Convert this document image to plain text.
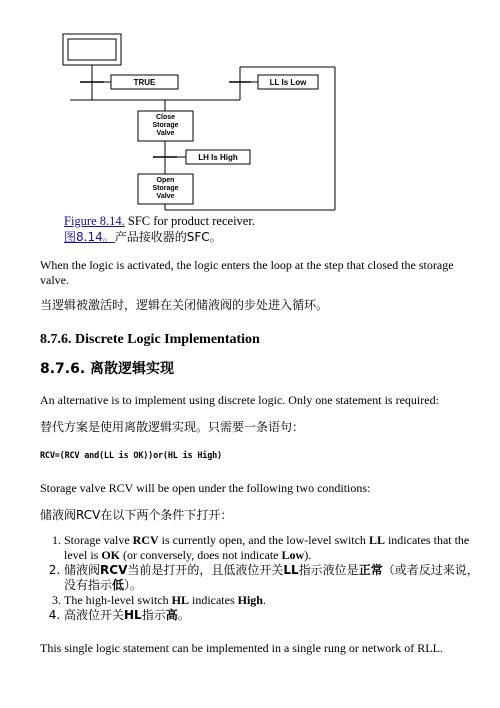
TRUE
Close
Storage
Valve
LH Is High
Open
Storage
Valve
LL Is Low
Figure 8.14. SFC for product receiver.
图8.14。产品接收器的SFC。
When the logic is activated, the logic enters the loop at the step that closed the storage valve.
当逻辑被激活时，逻辑在关闭储液阀的步处进入循环。
8.7.6. Discrete Logic Implementation
8.7.6. 离散逻辑实现
An alternative is to implement using discrete logic. Only one statement is required:
替代方案是使用离散逻辑实现。只需要一条语句：
RCV=(RCV and(LL is OK))or(HL is High)
Storage valve RCV will be open under the following two conditions:
储液阀RCV在以下两个条件下打开：
1. Storage valve RCV is currently open, and the low-level switch LL indicates that the level is OK (or conversely, does not indicate Low).
2. 储液阀RCV当前是打开的，且低液位开关LL指示液位是正常（或者反过来说，没有指示低）。
3. The high-level switch HL indicates High.
4. 高液位开关HL指示高。
This single logic statement can be implemented in a single rung or network of RLL.
